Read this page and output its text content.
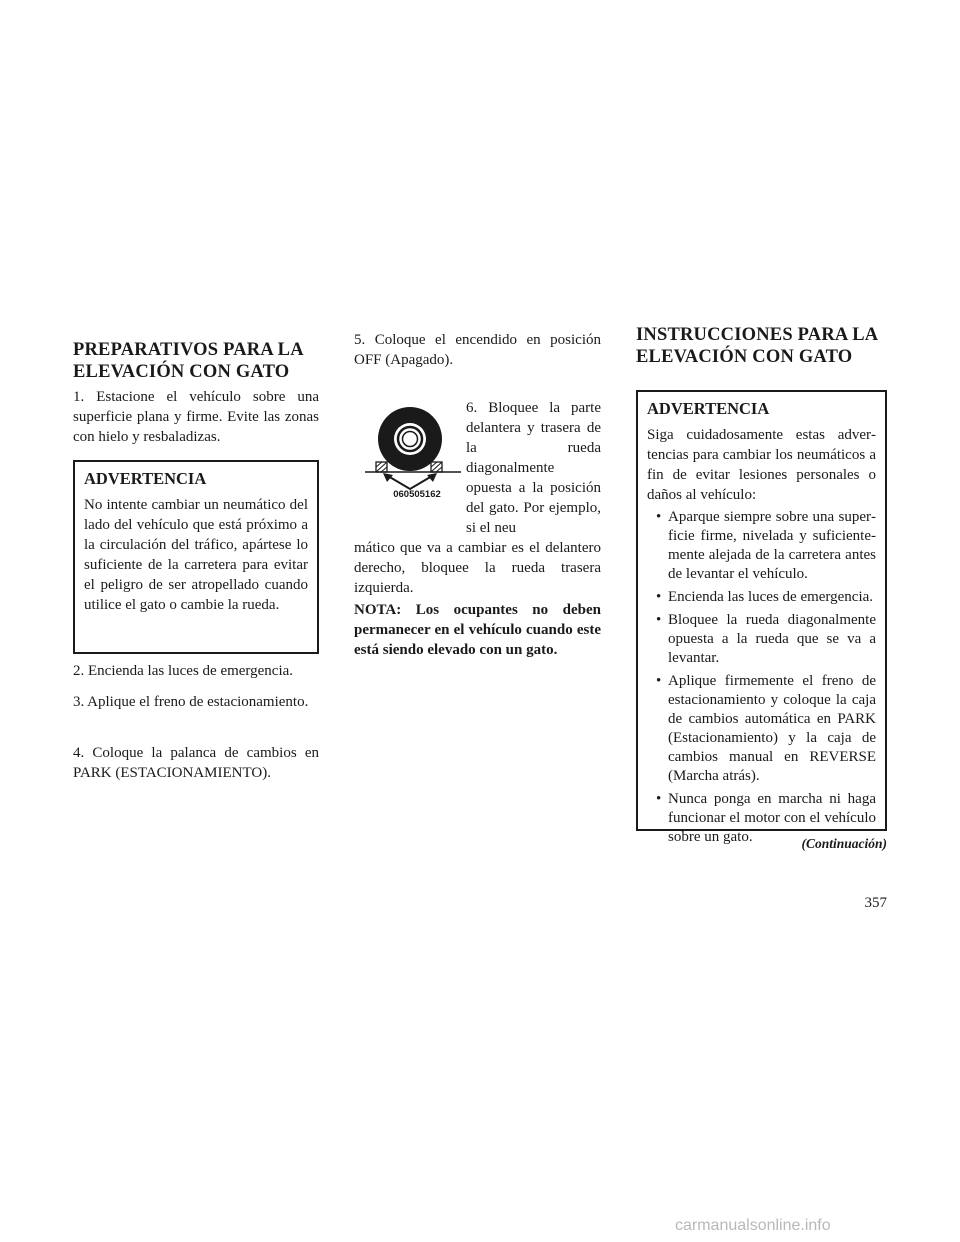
PREPARATIVOS PARA LA
ELEVACIÓN CON GATO

1. Estacione el vehículo sobre una superficie plana y firme. Evite las zonas con hielo y resbaladizas.

ADVERTENCIA
No intente cambiar un neumático del lado del vehículo que está próximo a la circulación del tráfico, apártese lo suficiente de la carretera para evitar el peligro de ser atropellado cuando utilice el gato o cambie la rueda.

2. Encienda las luces de emergencia.

3. Aplique el freno de estacionamiento.

4. Coloque la palanca de cambios en PARK (ESTACIONAMIENTO).

5. Coloque el encendido en posición OFF (Apagado).

6. Bloquee la parte delantera y trasera de la rueda diagonalmente opuesta a la posición del gato. Por ejemplo, si el neu

mático que va a cambiar es el delantero derecho, bloquee la rueda trasera izquierda.

NOTA: Los ocupantes no deben permanecer en el vehículo cuando este está siendo elevado con un gato.

060505162
INSTRUCCIONES PARA LA
ELEVACIÓN CON GATO
ADVERTENCIA
Siga cuidadosamente estas advertencias para cambiar los neumáticos a fin de evitar lesiones personales o daños al vehículo:
• Aparque siempre sobre una superficie firme, nivelada y suficientemente alejada de la carretera antes de levantar el vehículo.
• Encienda las luces de emergencia.
• Bloquee la rueda diagonalmente opuesta a la rueda que se va a levantar.
• Aplique firmemente el freno de estacionamiento y coloque la caja de cambios automática en PARK (Estacionamiento) y la caja de cambios manual en REVERSE (Marcha atrás).
• Nunca ponga en marcha ni haga funcionar el motor con el vehículo sobre un gato.	(Continuación)
357
carmanualsonline.info
